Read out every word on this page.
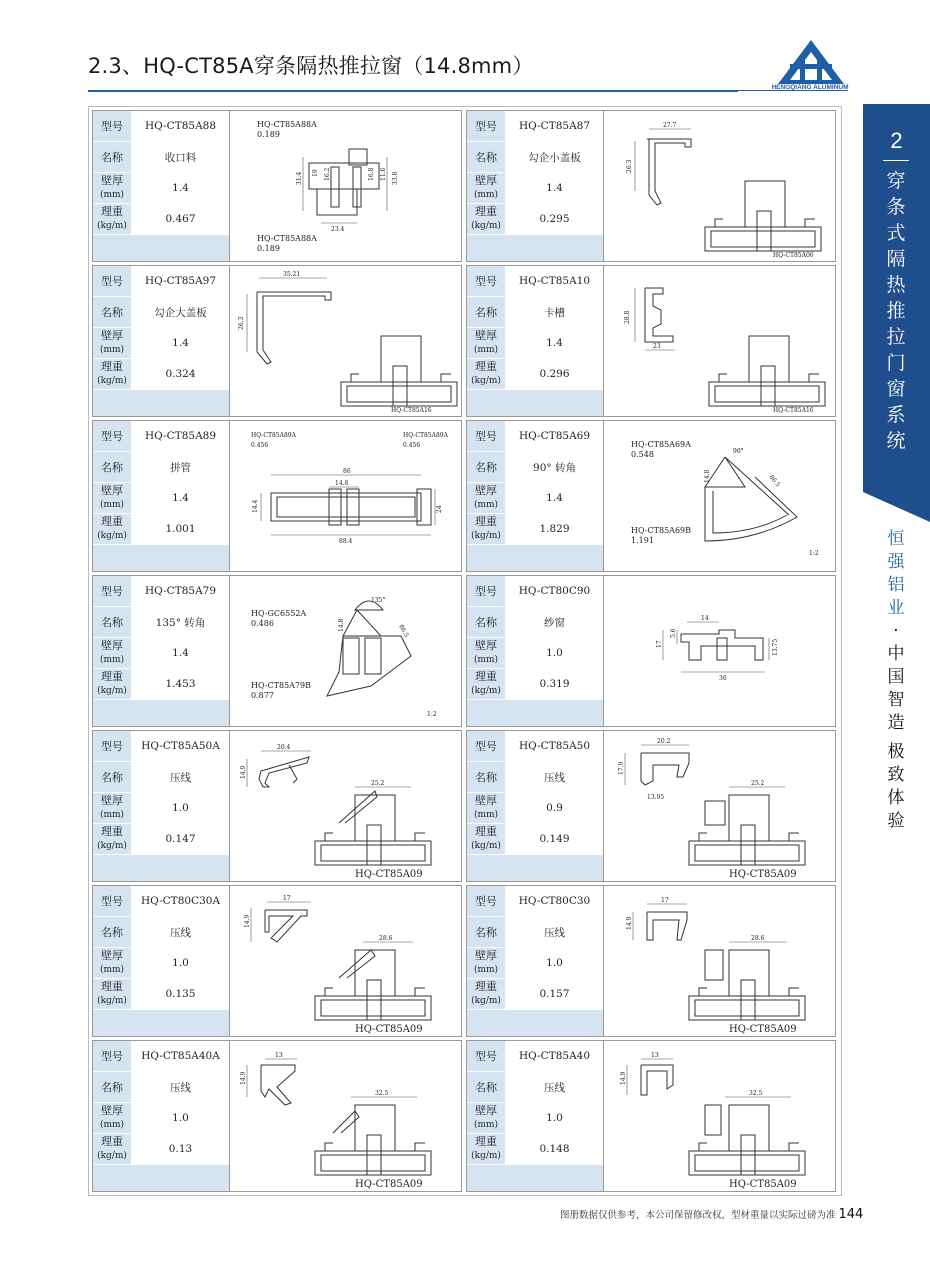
2.3、HQ-CT85A穿条隔热推拉窗（14.8mm）
HENGQIANG ALUMINUM
2
穿
条
式
隔
热
推
拉
门
窗
系
统
恒
强
铝
业
·
中
国
智
造
极
致
体
验
型号	HQ-CT85A88
名称	收口料
壁厚
(mm)	1.4
理重
(kg/m)	0.467

HQ-CT85A88A
0.189
31.4 19 16.2	16.8 11.6 33.8
23.4
HQ-CT85A88A
0.189
型号	HQ-CT85A87
名称	勾企小盖板
壁厚
(mm)	1.4
理重
(kg/m)	0.295

27.7
26.3
HQ-CT85A06
型号	HQ-CT85A97
名称	勾企大盖板
壁厚
(mm)	1.4
理重
(kg/m)	0.324

35.21
26.3
HQ-CT85A16
型号	HQ-CT85A10
名称	卡槽
壁厚
(mm)	1.4
理重
(kg/m)	0.296

28.8
23
HQ-CT85A16
型号	HQ-CT85A89
名称	拼管
壁厚
(mm)	1.4
理重
(kg/m)	1.001

HQ-CT85A89A
0.456
HQ-CT85A89A
0.456
86
14.8
14.4	24
88.4
型号	HQ-CT85A69
名称	90° 转角
壁厚
(mm)	1.4
理重
(kg/m)	1.829

HQ-CT85A69A
0.548	90°
14.8	86.5
HQ-CT85A69B
1.191
1:2
型号	HQ-CT85A79
名称	135° 转角
壁厚
(mm)	1.4
理重
(kg/m)	1.453

HQ-GC6552A
0.486
135°
14.8	86.5
HQ-CT85A79B
0.877
1:2
型号	HQ-CT80C90
名称	纱窗
壁厚
(mm)	1.0
理重
(kg/m)	0.319

14
5.6
17	13.75
36
型号	HQ-CT85A50A
名称	压线
壁厚
(mm)	1.0
理重
(kg/m)	0.147

20.4
14.9
25.2
HQ-CT85A09
型号	HQ-CT85A50
名称	压线
壁厚
(mm)	0.9
理重
(kg/m)	0.149

20.2
17.9
13.95
25.2
HQ-CT85A09
型号	HQ-CT80C30A
名称	压线
壁厚
(mm)	1.0
理重
(kg/m)	0.135

17
14.9
28.6
HQ-CT85A09
型号	HQ-CT80C30
名称	压线
壁厚
(mm)	1.0
理重
(kg/m)	0.157

17
14.9
28.6
HQ-CT85A09
型号	HQ-CT85A40A
名称	压线
壁厚
(mm)	1.0
理重
(kg/m)	0.13

13
14.9
32.5
HQ-CT85A09
型号	HQ-CT85A40
名称	压线
壁厚
(mm)	1.0
理重
(kg/m)	0.148

13
14.9
32.5
HQ-CT85A09
图册数据仅供参考，本公司保留修改权，型材重量以实际过磅为准 144
